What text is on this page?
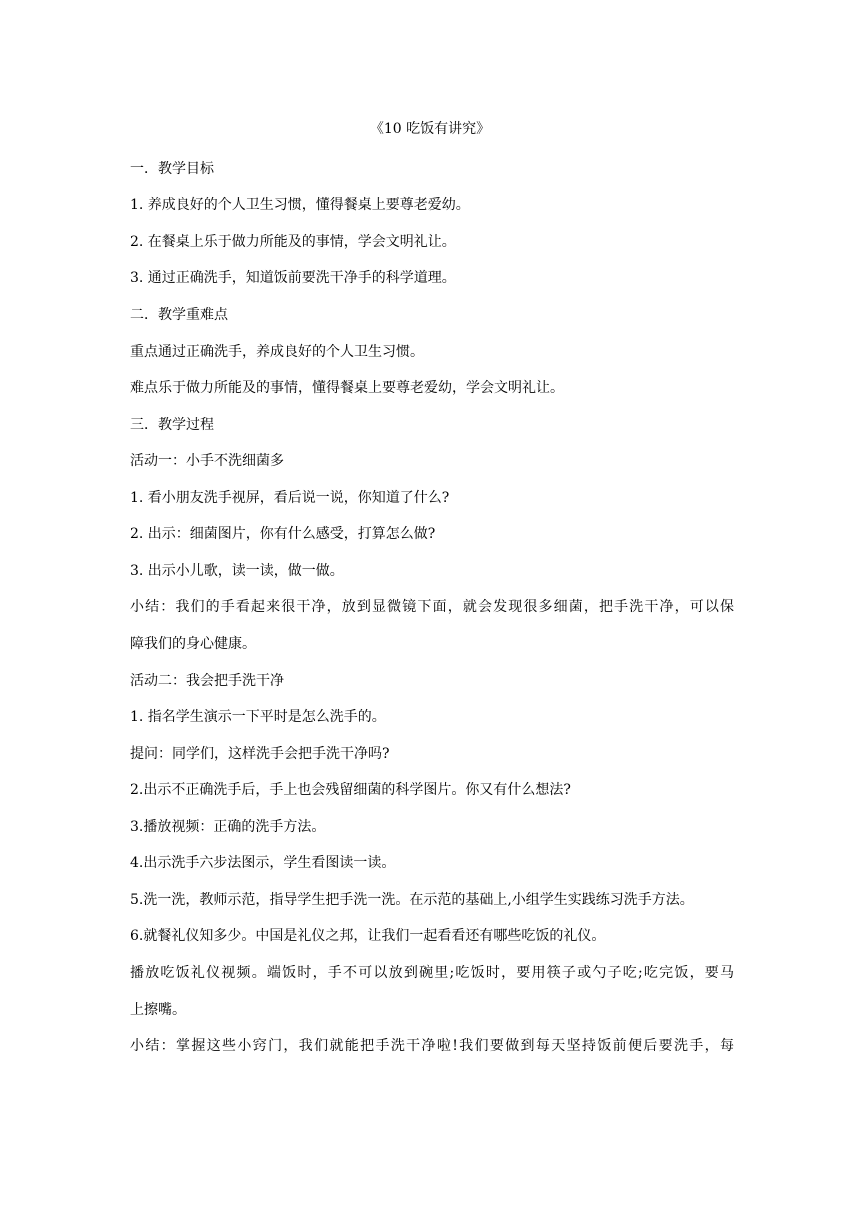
《10 吃饭有讲究》
一．教学目标
1. 养成良好的个人卫生习惯，懂得餐桌上要尊老爱幼。
2. 在餐桌上乐于做力所能及的事情，学会文明礼让。
3. 通过正确洗手，知道饭前要洗干净手的科学道理。
二．教学重难点
重点通过正确洗手，养成良好的个人卫生习惯。
难点乐于做力所能及的事情，懂得餐桌上要尊老爱幼，学会文明礼让。
三．教学过程
活动一：小手不洗细菌多
1. 看小朋友洗手视屏，看后说一说，你知道了什么?
2. 出示：细菌图片，你有什么感受，打算怎么做?
3. 出示小儿歌，读一读，做一做。
小结：我们的手看起来很干净，放到显微镜下面，就会发现很多细菌，把手洗干净，可以保
障我们的身心健康。
活动二：我会把手洗干净
1. 指名学生演示一下平时是怎么洗手的。
提问：同学们，这样洗手会把手洗干净吗?
2.出示不正确洗手后，手上也会残留细菌的科学图片。你又有什么想法?
3.播放视频：正确的洗手方法。
4.出示洗手六步法图示，学生看图读一读。
5.洗一洗，教师示范，指导学生把手洗一洗。在示范的基础上,小组学生实践练习洗手方法。
6.就餐礼仪知多少。中国是礼仪之邦，让我们一起看看还有哪些吃饭的礼仪。
播放吃饭礼仪视频。端饭时，手不可以放到碗里;吃饭时，要用筷子或勺子吃;吃完饭，要马
上擦嘴。
小结：掌握这些小窍门，我们就能把手洗干净啦!我们要做到每天坚持饭前便后要洗手，每
